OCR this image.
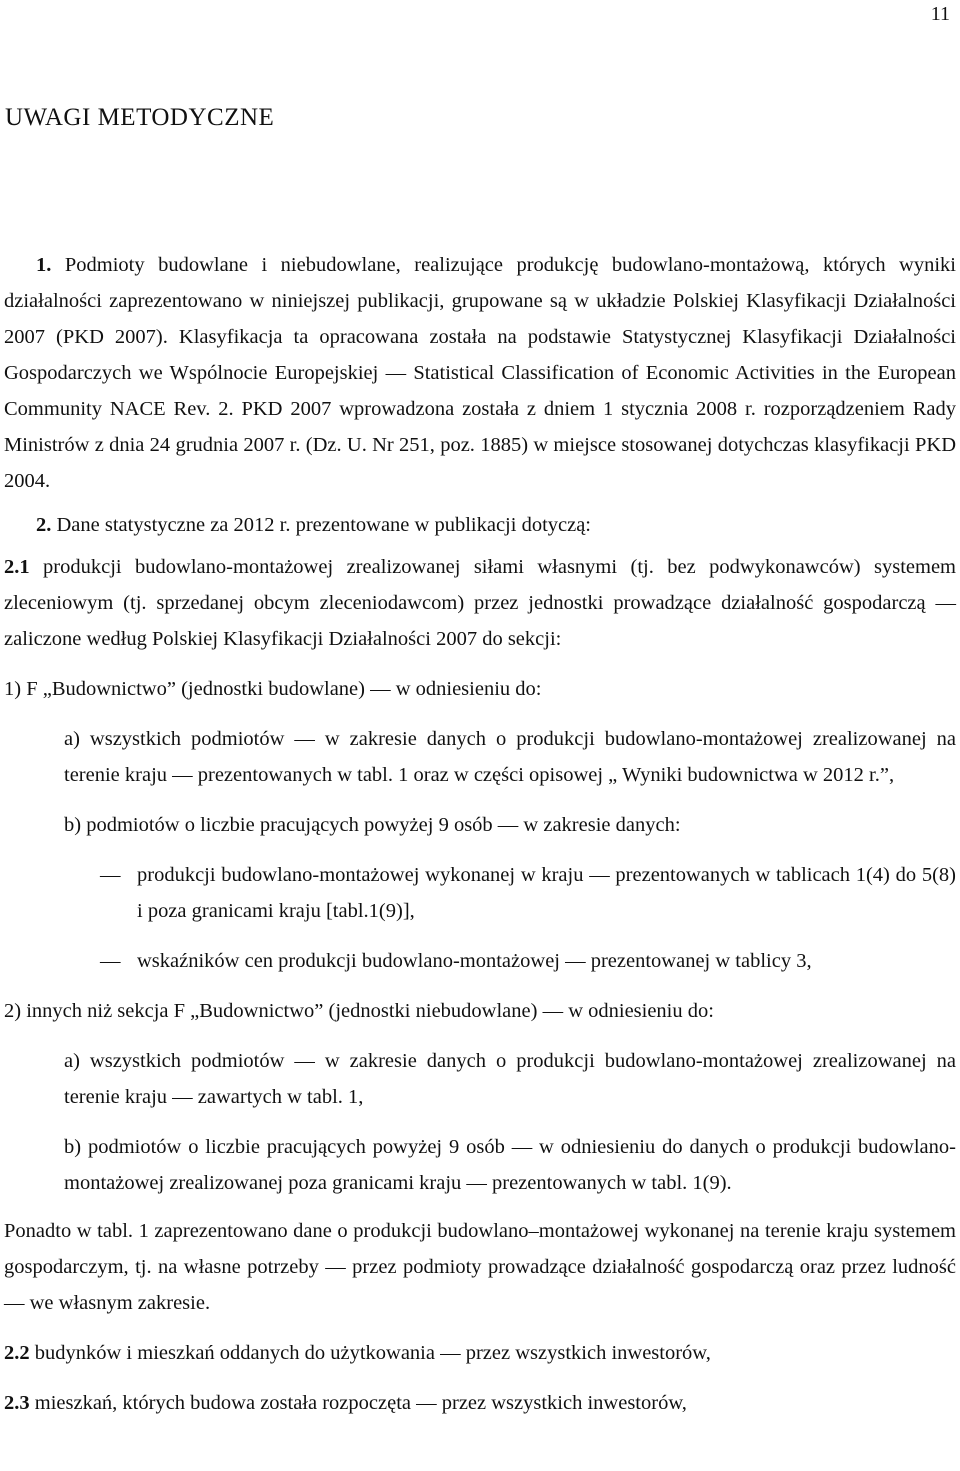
11
UWAGI METODYCZNE

1. Podmioty budowlane i niebudowlane, realizujące produkcję budowlano-montażową, których wyniki działalności zaprezentowano w niniejszej publikacji, grupowane są w układzie Polskiej Klasyfikacji Działalności 2007 (PKD 2007). Klasyfikacja ta opracowana została na podstawie Statystycznej Klasyfikacji Działalności Gospodarczych we Wspólnocie Europejskiej — Statistical Classification of Economic Activities in the European Community NACE Rev. 2. PKD 2007 wprowadzona została z dniem 1 stycznia 2008 r. rozporządzeniem Rady Ministrów z dnia 24 grudnia 2007 r. (Dz. U. Nr 251, poz. 1885) w miejsce stosowanej dotychczas klasyfikacji PKD 2004.

2. Dane statystyczne za 2012 r. prezentowane w publikacji dotyczą:

2.1 produkcji budowlano-montażowej zrealizowanej siłami własnymi (tj. bez podwykonawców) systemem zleceniowym (tj. sprzedanej obcym zleceniodawcom) przez jednostki prowadzące działalność gospodarczą — zaliczone według Polskiej Klasyfikacji Działalności 2007 do sekcji:

1) F „Budownictwo” (jednostki budowlane) — w odniesieniu do:

a) wszystkich podmiotów — w zakresie danych o produkcji budowlano-montażowej zrealizowanej na terenie kraju — prezentowanych w tabl. 1 oraz w części opisowej „ Wyniki budownictwa w 2012 r.”,

b) podmiotów o liczbie pracujących powyżej 9 osób — w zakresie danych:

— produkcji budowlano-montażowej wykonanej w kraju — prezentowanych w tablicach 1(4) do 5(8) i poza granicami kraju [tabl.1(9)],
— wskaźników cen produkcji budowlano-montażowej — prezentowanej w tablicy 3,

2) innych niż sekcja F „Budownictwo” (jednostki niebudowlane) — w odniesieniu do:

a) wszystkich podmiotów — w zakresie danych o produkcji budowlano-montażowej zrealizowanej na terenie kraju — zawartych w tabl. 1,

b) podmiotów o liczbie pracujących powyżej 9 osób — w odniesieniu do danych o produkcji budowlano-montażowej zrealizowanej poza granicami kraju — prezentowanych w tabl. 1(9).

Ponadto w tabl. 1 zaprezentowano dane o produkcji budowlano–montażowej wykonanej na terenie kraju systemem gospodarczym, tj. na własne potrzeby — przez podmioty prowadzące działalność gospodarczą oraz przez ludność — we własnym zakresie.

2.2 budynków i mieszkań oddanych do użytkowania — przez wszystkich inwestorów,

2.3 mieszkań, których budowa została rozpoczęta — przez wszystkich inwestorów,
